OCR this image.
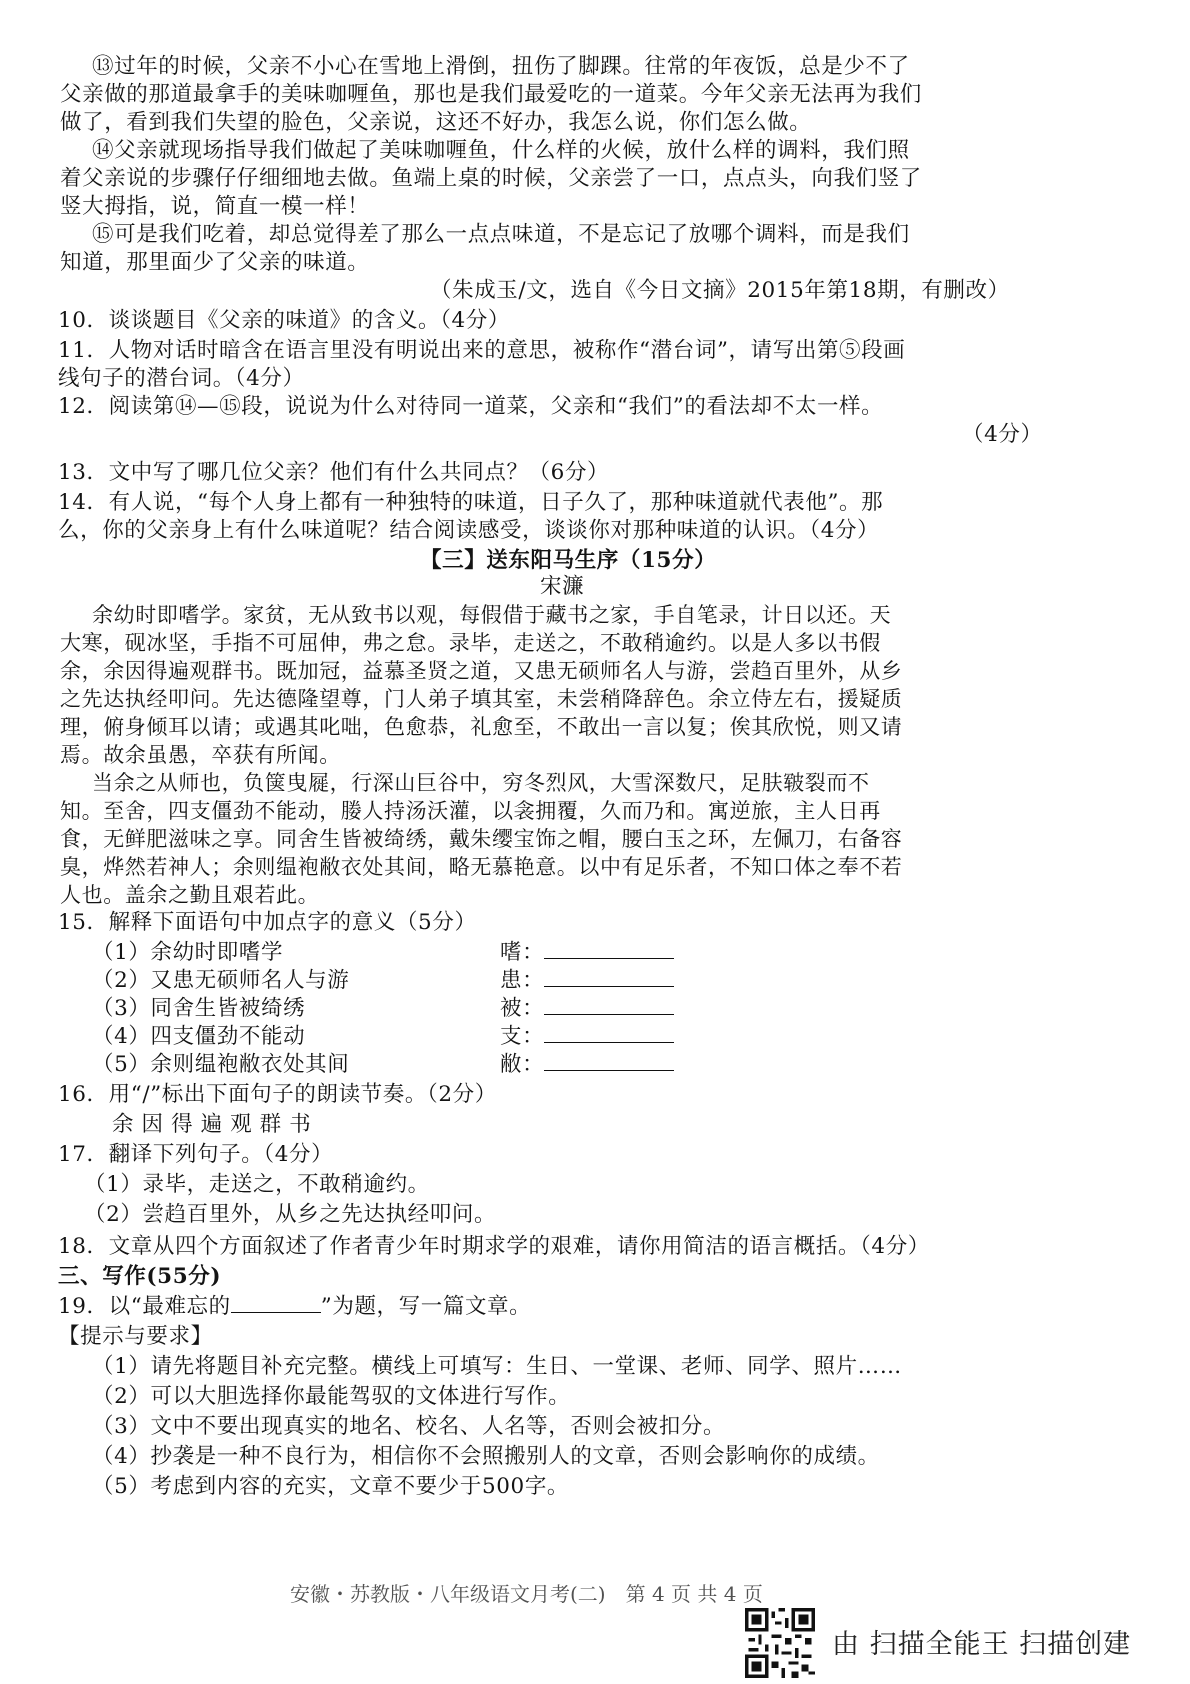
⑬过年的时候，父亲不小心在雪地上滑倒，扭伤了脚踝。往常的年夜饭，总是少不了
父亲做的那道最拿手的美味咖喱鱼，那也是我们最爱吃的一道菜。今年父亲无法再为我们
做了，看到我们失望的脸色，父亲说，这还不好办，我怎么说，你们怎么做。
⑭父亲就现场指导我们做起了美味咖喱鱼，什么样的火候，放什么样的调料，我们照
着父亲说的步骤仔仔细细地去做。鱼端上桌的时候，父亲尝了一口，点点头，向我们竖了
竖大拇指，说，简直一模一样！
⑮可是我们吃着，却总觉得差了那么一点点味道，不是忘记了放哪个调料，而是我们
知道，那里面少了父亲的味道。
（朱成玉/文，选自《今日文摘》2015年第18期，有删改）
10．谈谈题目《父亲的味道》的含义。（4分）
11．人物对话时暗含在语言里没有明说出来的意思，被称作“潜台词”，请写出第⑤段画
线句子的潜台词。（4分）
12．阅读第⑭—⑮段，说说为什么对待同一道菜，父亲和“我们”的看法却不太一样。
（4分）
13．文中写了哪几位父亲？他们有什么共同点？（6分）
14．有人说，“每个人身上都有一种独特的味道，日子久了，那种味道就代表他”。那
么，你的父亲身上有什么味道呢？结合阅读感受，谈谈你对那种味道的认识。（4分）
【三】送东阳马生序（15分）
宋濂
余幼时即嗜学。家贫，无从致书以观，每假借于藏书之家，手自笔录，计日以还。天
大寒，砚冰坚，手指不可屈伸，弗之怠。录毕，走送之，不敢稍逾约。以是人多以书假
余，余因得遍观群书。既加冠，益慕圣贤之道，又患无硕师名人与游，尝趋百里外，从乡
之先达执经叩问。先达德隆望尊，门人弟子填其室，未尝稍降辞色。余立侍左右，援疑质
理，俯身倾耳以请；或遇其叱咄，色愈恭，礼愈至，不敢出一言以复；俟其欣悦，则又请
焉。故余虽愚，卒获有所闻。
当余之从师也，负箧曳屣，行深山巨谷中，穷冬烈风，大雪深数尺，足肤皲裂而不
知。至舍，四支僵劲不能动，媵人持汤沃灌，以衾拥覆，久而乃和。寓逆旅，主人日再
食，无鲜肥滋味之享。同舍生皆被绮绣，戴朱缨宝饰之帽，腰白玉之环，左佩刀，右备容
臭，烨然若神人；余则缊袍敝衣处其间，略无慕艳意。以中有足乐者，不知口体之奉不若
人也。盖余之勤且艰若此。
15．解释下面语句中加点字的意义（5分）
（1）余幼时即嗜学	嗜：
（2）又患无硕师名人与游	患：
（3）同舍生皆被绮绣	被：
（4）四支僵劲不能动	支：
（5）余则缊袍敝衣处其间	敝：
16．用“/”标出下面句子的朗读节奏。（2分）
余 因 得 遍 观 群 书
17．翻译下列句子。（4分）
（1）录毕，走送之，不敢稍逾约。
（2）尝趋百里外，从乡之先达执经叩问。
18．文章从四个方面叙述了作者青少年时期求学的艰难，请你用简洁的语言概括。（4分）
三、写作(55分)
19．以“最难忘的	”为题，写一篇文章。
【提示与要求】
（1）请先将题目补充完整。横线上可填写：生日、一堂课、老师、同学、照片……
（2）可以大胆选择你最能驾驭的文体进行写作。
（3）文中不要出现真实的地名、校名、人名等，否则会被扣分。
（4）抄袭是一种不良行为，相信你不会照搬别人的文章，否则会影响你的成绩。
（5）考虑到内容的充实，文章不要少于500字。
安徽・苏教版・八年级语文月考(二)　第 4 页 共 4 页
由 扫描全能王 扫描创建
